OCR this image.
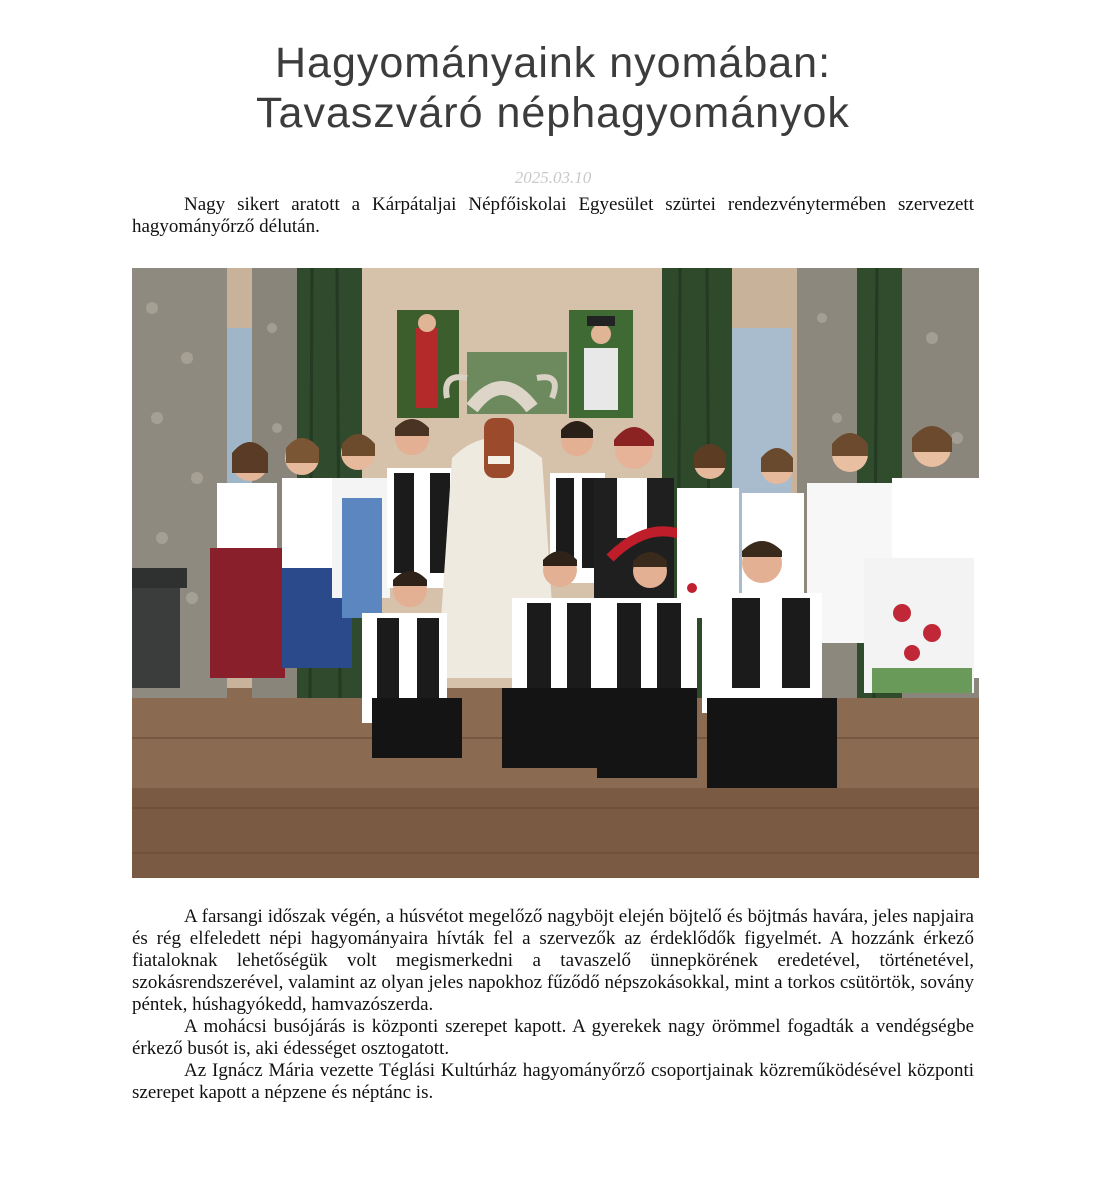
Hagyományaink nyomában:
Tavaszváró néphagyományok
2025.03.10

Nagy sikert aratott a Kárpátaljai Népfőiskolai Egyesület szürtei rendezvénytermében szervezett hagyományőrző délután.

A farsangi időszak végén, a húsvétot megelőző nagyböjt elején böjtelő és böjtmás havára, jeles napjaira és rég elfeledett népi hagyományaira hívták fel a szervezők az érdeklődők figyelmét. A hozzánk érkező fiataloknak lehetőségük volt megismerkedni a tavaszelő ünnepkörének eredetével, történetével, szokásrendszerével, valamint az olyan jeles napokhoz fűződő népszokásokkal, mint a torkos csütörtök, sovány péntek, húshagyókedd, hamvazószerda.

A mohácsi busójárás is központi szerepet kapott. A gyerekek nagy örömmel fogadták a vendégségbe érkező busót is, aki édességet osztogatott.

Az Ignácz Mária vezette Téglási Kultúrház hagyományőrző csoportjainak közreműködésével központi szerepet kapott a népzene és néptánc is.
